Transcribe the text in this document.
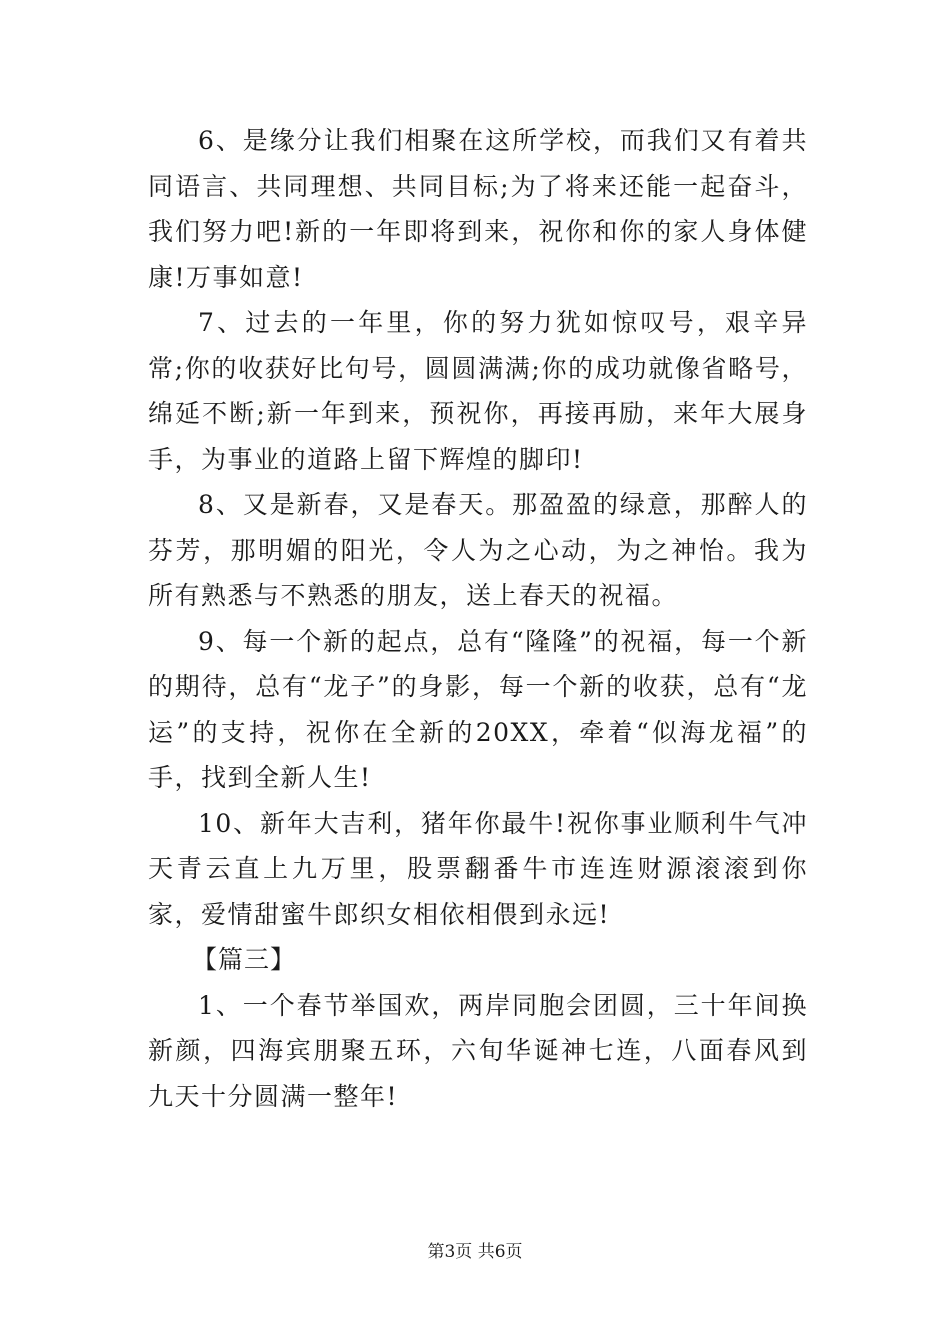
6、是缘分让我们相聚在这所学校，而我们又有着共同语言、共同理想、共同目标;为了将来还能一起奋斗，我们努力吧!新的一年即将到来，祝你和你的家人身体健康!万事如意!

7、过去的一年里，你的努力犹如惊叹号，艰辛异常;你的收获好比句号，圆圆满满;你的成功就像省略号，绵延不断;新一年到来，预祝你，再接再励，来年大展身手，为事业的道路上留下辉煌的脚印!

8、又是新春，又是春天。那盈盈的绿意，那醉人的芬芳，那明媚的阳光，令人为之心动，为之神怡。我为所有熟悉与不熟悉的朋友，送上春天的祝福。

9、每一个新的起点，总有“隆隆”的祝福，每一个新的期待，总有“龙子”的身影，每一个新的收获，总有“龙运”的支持，祝你在全新的20XX，牵着“似海龙福”的手，找到全新人生!

10、新年大吉利，猪年你最牛!祝你事业顺利牛气冲天青云直上九万里，股票翻番牛市连连财源滚滚到你家，爱情甜蜜牛郎织女相依相偎到永远!

【篇三】

1、一个春节举国欢，两岸同胞会团圆，三十年间换新颜，四海宾朋聚五环，六旬华诞神七连，八面春风到九天十分圆满一整年!

第3页 共6页
